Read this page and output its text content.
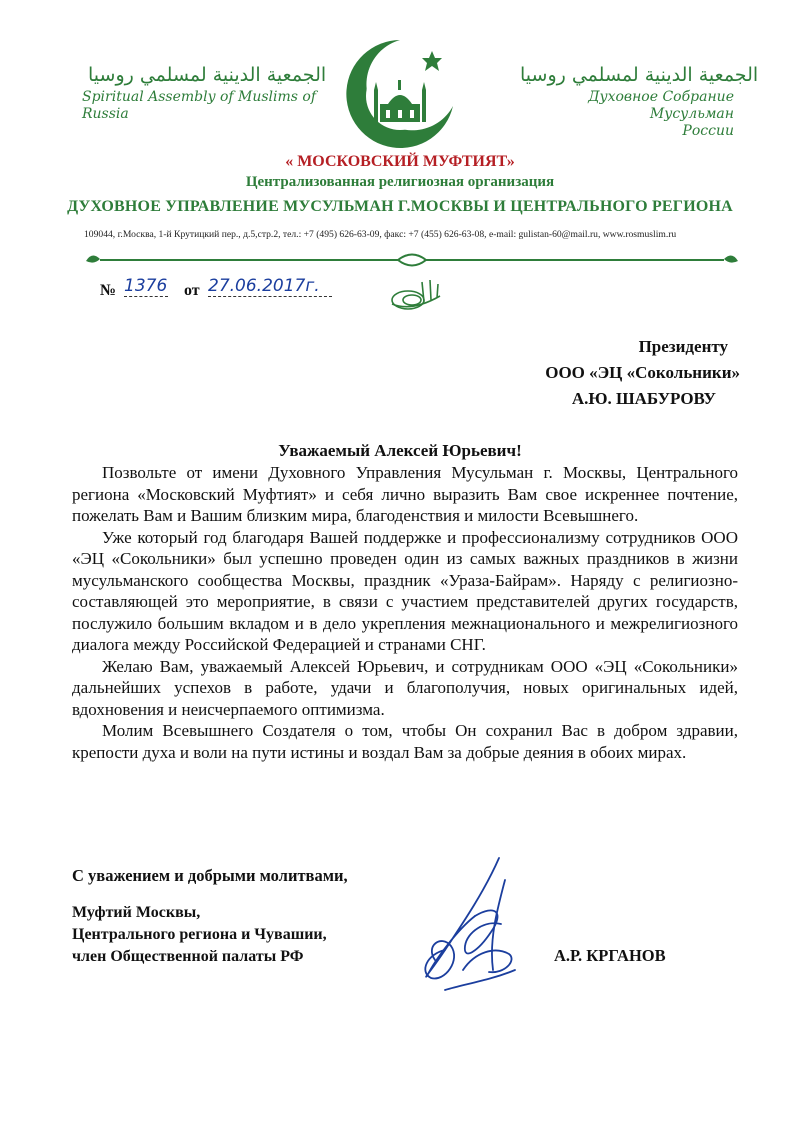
الجمعية الدينية لمسلمي روسيا
Spiritual Assembly of Muslims of
Russia
الجمعية الدينية لمسلمي روسيا
Духовное Собрание Мусульман
России
« МОСКОВСКИЙ МУФТИЯТ»
Централизованная религиозная организация
ДУХОВНОЕ УПРАВЛЕНИЕ МУСУЛЬМАН Г.МОСКВЫ И ЦЕНТРАЛЬНОГО РЕГИОНА
109044, г.Москва, 1-й Крутицкий пер., д.5,стр.2, тел.: +7 (495) 626-63-09, факс: +7 (455) 626-63-08, e-mail: gulistan-60@mail.ru, www.rosmuslim.ru
№ 1376 от 27.06.2017г.
Президенту
ООО «ЭЦ «Сокольники»
А.Ю. ШАБУРОВУ
Уважаемый Алексей Юрьевич!

Позвольте от имени Духовного Управления Мусульман г. Москвы, Центрального региона «Московский Муфтият» и себя лично выразить Вам свое искреннее почтение, пожелать Вам и Вашим близким мира, благоденствия и милости Всевышнего.

Уже который год благодаря Вашей поддержке и профессионализму сотрудников ООО «ЭЦ «Сокольники» был успешно проведен один из самых важных праздников в жизни мусульманского сообщества Москвы, праздник «Ураза-Байрам». Наряду с религиозно-составляющей это мероприятие, в связи с участием представителей других государств, послужило большим вкладом и в дело укрепления межнационального и межрелигиозного диалога между Российской Федерацией и странами СНГ.

Желаю Вам, уважаемый Алексей Юрьевич, и сотрудникам ООО «ЭЦ «Сокольники» дальнейших успехов в работе, удачи и благополучия, новых оригинальных идей, вдохновения и неисчерпаемого оптимизма.

Молим Всевышнего Создателя о том, чтобы Он сохранил Вас в добром здравии, крепости духа и воли на пути истины и воздал Вам за добрые деяния в обоих мирах.

С уважением и добрыми молитвами,
Муфтий Москвы,
Центрального региона и Чувашии,
член Общественной палаты РФ	А.Р. КРГАНОВ
